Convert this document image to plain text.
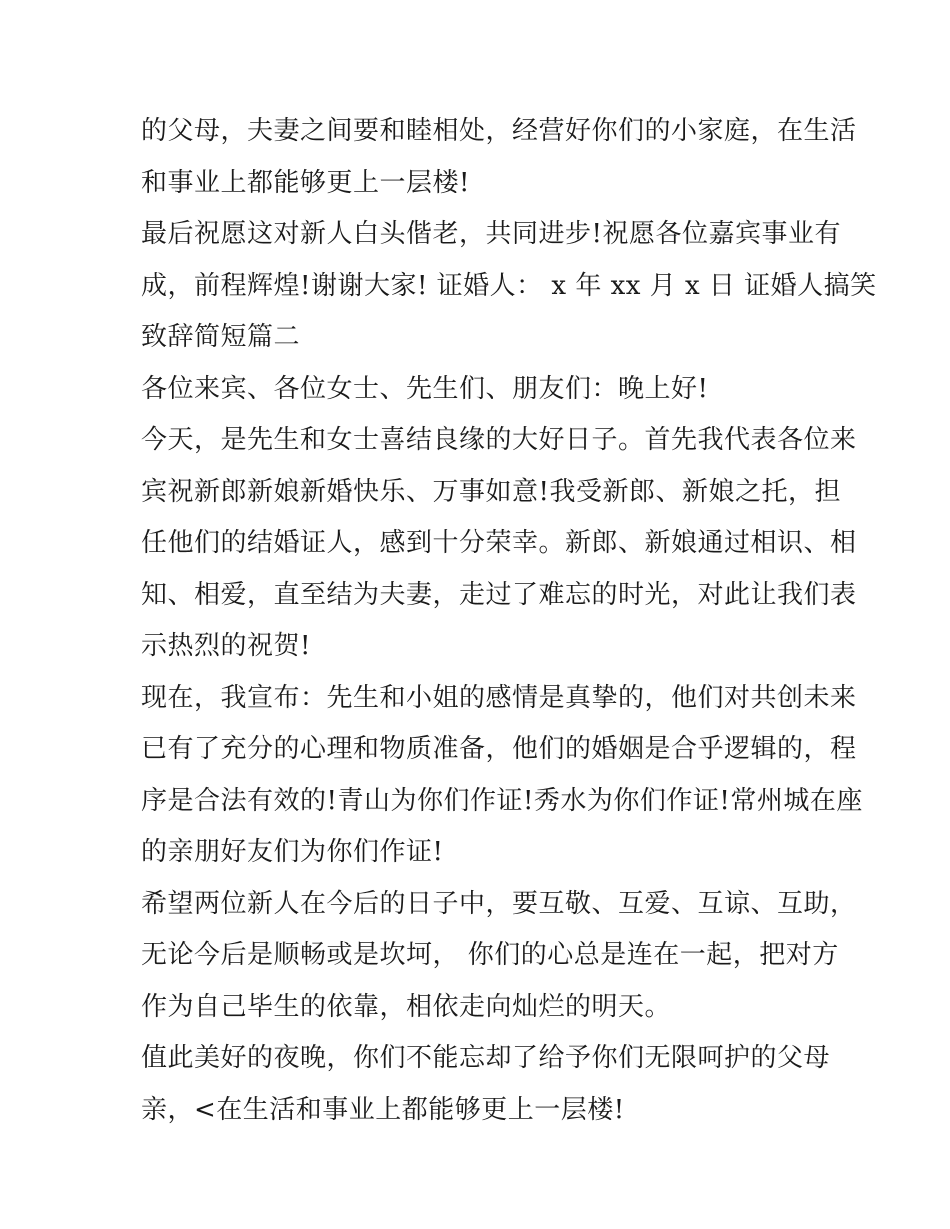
的父母，夫妻之间要和睦相处，经营好你们的小家庭，在生活
和事业上都能够更上一层楼!
最后祝愿这对新人白头偕老，共同进步!祝愿各位嘉宾事业有
成，前程辉煌!谢谢大家! 证婚人： x 年 xx 月 x 日 证婚人搞笑
致辞简短篇二
各位来宾、各位女士、先生们、朋友们：晚上好!
今天，是先生和女士喜结良缘的大好日子。首先我代表各位来
宾祝新郎新娘新婚快乐、万事如意!我受新郎、新娘之托，担
任他们的结婚证人，感到十分荣幸。新郎、新娘通过相识、相
知、相爱，直至结为夫妻，走过了难忘的时光，对此让我们表
示热烈的祝贺!
现在，我宣布：先生和小姐的感情是真挚的，他们对共创未来
已有了充分的心理和物质准备，他们的婚姻是合乎逻辑的，程
序是合法有效的!青山为你们作证!秀水为你们作证!常州城在座
的亲朋好友们为你们作证!
希望两位新人在今后的日子中，要互敬、互爱、互谅、互助，
无论今后是顺畅或是坎坷， 你们的心总是连在一起，把对方
作为自己毕生的依靠，相依走向灿烂的明天。
值此美好的夜晚，你们不能忘却了给予你们无限呵护的父母
亲，<在生活和事业上都能够更上一层楼!
